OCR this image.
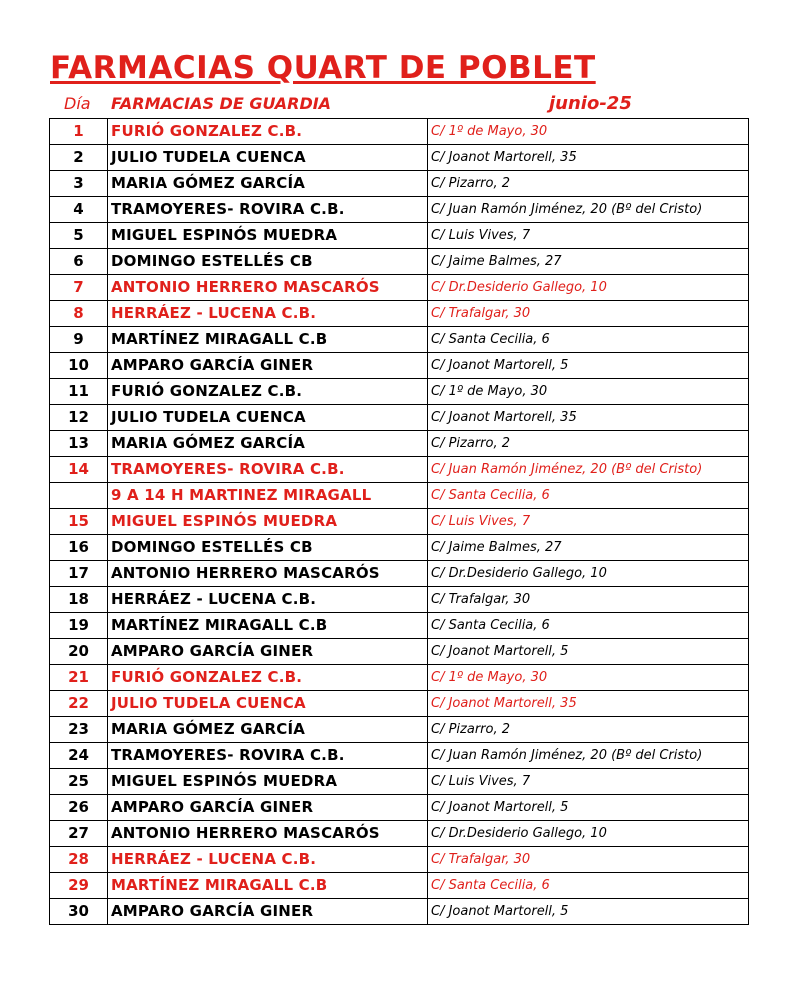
FARMACIAS QUART DE POBLET
Día FARMACIAS DE GUARDIA	junio-25
1	FURIÓ GONZALEZ C.B.	C/ 1º de Mayo, 30
2	JULIO TUDELA CUENCA	C/ Joanot Martorell, 35
3	MARIA GÓMEZ GARCÍA	C/ Pizarro, 2
4	TRAMOYERES- ROVIRA C.B.	C/ Juan Ramón Jiménez, 20 (Bº del Cristo)
5	MIGUEL ESPINÓS MUEDRA	C/ Luis Vives, 7
6	DOMINGO ESTELLÉS CB	C/ Jaime Balmes, 27
7	ANTONIO HERRERO MASCARÓS	C/ Dr.Desiderio Gallego, 10
8	HERRÁEZ - LUCENA C.B.	C/ Trafalgar, 30
9	MARTÍNEZ MIRAGALL C.B	C/ Santa Cecilia, 6
10	AMPARO GARCÍA GINER	C/ Joanot Martorell, 5
11	FURIÓ GONZALEZ C.B.	C/ 1º de Mayo, 30
12	JULIO TUDELA CUENCA	C/ Joanot Martorell, 35
13	MARIA GÓMEZ GARCÍA	C/ Pizarro, 2
14	TRAMOYERES- ROVIRA C.B.	C/ Juan Ramón Jiménez, 20 (Bº del Cristo)
	9 A 14 H MARTINEZ MIRAGALL	C/ Santa Cecilia, 6
15	MIGUEL ESPINÓS MUEDRA	C/ Luis Vives, 7
16	DOMINGO ESTELLÉS CB	C/ Jaime Balmes, 27
17	ANTONIO HERRERO MASCARÓS	C/ Dr.Desiderio Gallego, 10
18	HERRÁEZ - LUCENA C.B.	C/ Trafalgar, 30
19	MARTÍNEZ MIRAGALL C.B	C/ Santa Cecilia, 6
20	AMPARO GARCÍA GINER	C/ Joanot Martorell, 5
21	FURIÓ GONZALEZ C.B.	C/ 1º de Mayo, 30
22	JULIO TUDELA CUENCA	C/ Joanot Martorell, 35
23	MARIA GÓMEZ GARCÍA	C/ Pizarro, 2
24	TRAMOYERES- ROVIRA C.B.	C/ Juan Ramón Jiménez, 20 (Bº del Cristo)
25	MIGUEL ESPINÓS MUEDRA	C/ Luis Vives, 7
26	AMPARO GARCÍA GINER	C/ Joanot Martorell, 5
27	ANTONIO HERRERO MASCARÓS	C/ Dr.Desiderio Gallego, 10
28	HERRÁEZ - LUCENA C.B.	C/ Trafalgar, 30
29	MARTÍNEZ MIRAGALL C.B	C/ Santa Cecilia, 6
30	AMPARO GARCÍA GINER	C/ Joanot Martorell, 5
